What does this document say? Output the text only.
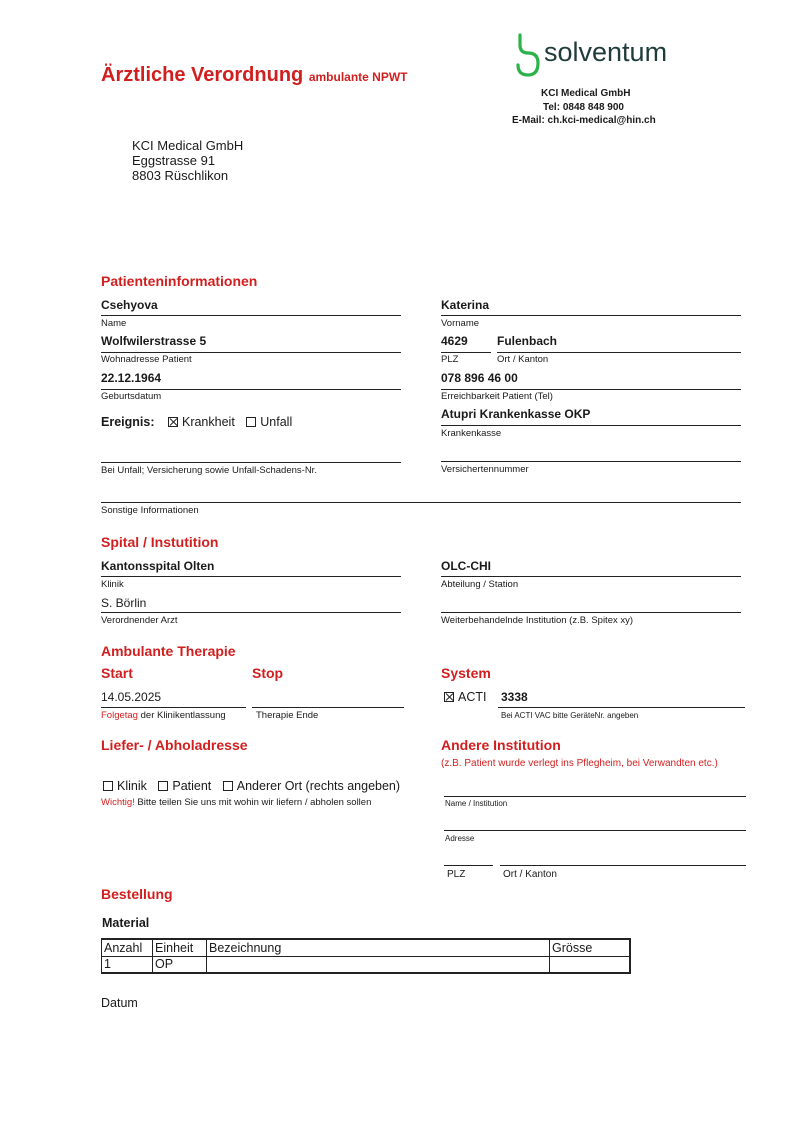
Ärztliche Verordnung ambulante NPWT
solventum
KCI Medical GmbH
Tel: 0848 848 900
E-Mail: ch.kci-medical@hin.ch
KCI Medical GmbH
Eggstrasse 91
8803 Rüschlikon
Patienteninformationen
Csehyova
Name
Katerina
Vorname
Wolfwilerstrasse 5
Wohnadresse Patient
4629
PLZ
Fulenbach
Ort / Kanton
22.12.1964
Geburtsdatum
078 896 46 00
Erreichbarkeit Patient (Tel)
Ereignis: Krankheit Unfall
Atupri Krankenkasse OKP
Krankenkasse
Bei Unfall; Versicherung sowie Unfall-Schadens-Nr.	Versichertennummer
Sonstige Informationen
Spital / Instutition
Kantonsspital Olten
Klinik
OLC-CHI
Abteilung / Station
S. Börlin
Verordnender Arzt	Weiterbehandelnde Institution (z.B. Spitex xy)
Ambulante Therapie
Start	Stop	System
14.05.2025
Folgetag der Klinikentlassung	Therapie Ende
ACTI 3338
Bei ACTI VAC bitte GeräteNr. angeben
Liefer- / Abholadresse
Klinik Patient Anderer Ort (rechts angeben)
Wichtig! Bitte teilen Sie uns mit wohin wir liefern / abholen sollen
Andere Institution
(z.B. Patient wurde verlegt ins Pflegheim, bei Verwandten etc.)
Name / Institution
Adresse
PLZ	Ort / Kanton
Bestellung
Material
Anzahl	Einheit	Bezeichnung	Grösse
1	OP		
Datum
